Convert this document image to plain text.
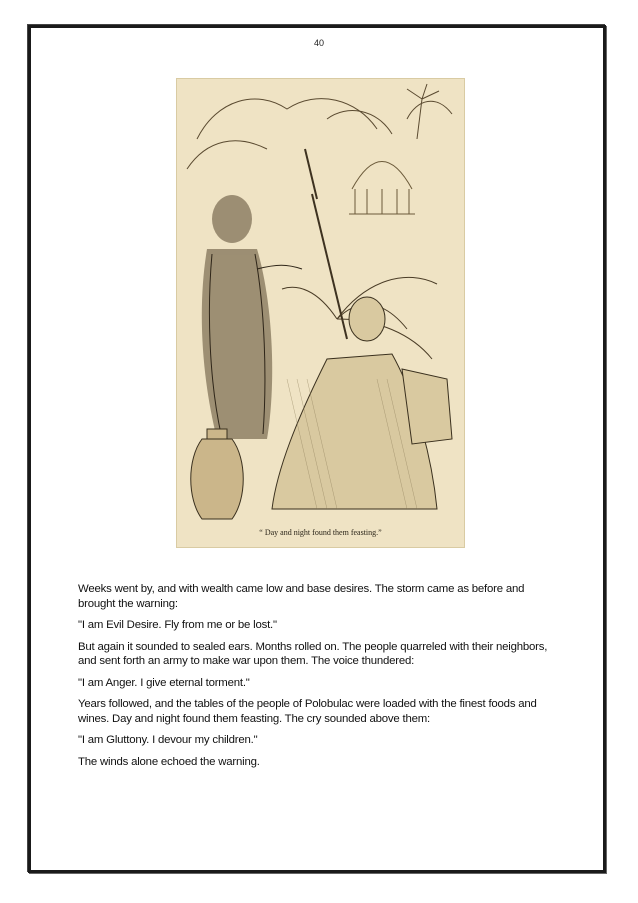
40
“ Day and night found them feasting.”

Weeks went by, and with wealth came low and base desires. The storm came as before and brought the warning:

"I am Evil Desire. Fly from me or be lost."

But again it sounded to sealed ears. Months rolled on. The people quarreled with their neighbors, and sent forth an army to make war upon them. The voice thundered:

"I am Anger. I give eternal torment."

Years followed, and the tables of the people of Polobulac were loaded with the finest foods and wines. Day and night found them feasting. The cry sounded above them:

"I am Gluttony. I devour my children."

The winds alone echoed the warning.
